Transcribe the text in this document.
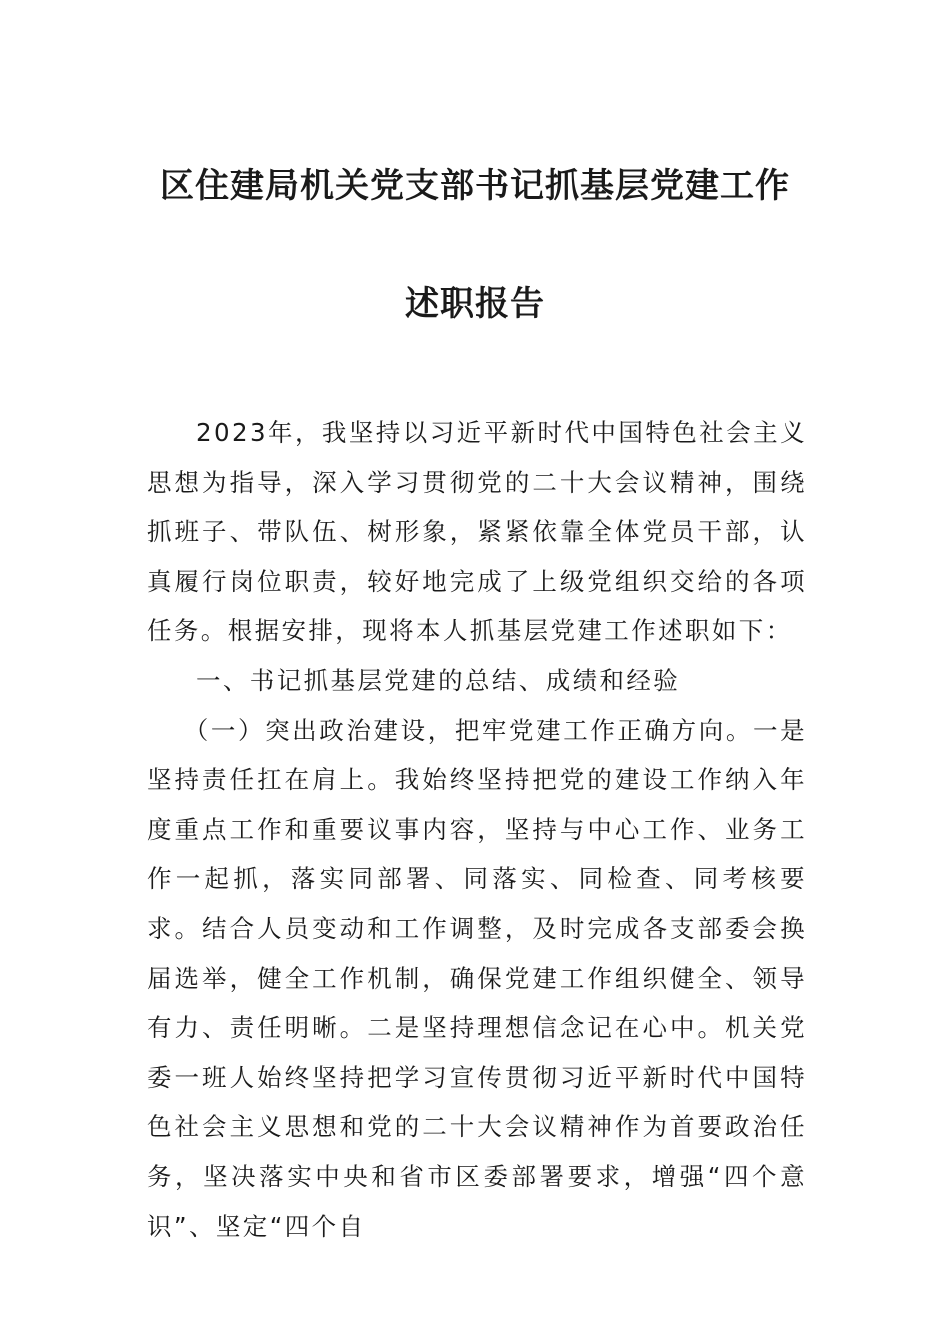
区住建局机关党支部书记抓基层党建工作
述职报告

2023年，我坚持以习近平新时代中国特色社会主义思想为指导，深入学习贯彻党的二十大会议精神，围绕抓班子、带队伍、树形象，紧紧依靠全体党员干部，认真履行岗位职责，较好地完成了上级党组织交给的各项任务。根据安排，现将本人抓基层党建工作述职如下：

一、书记抓基层党建的总结、成绩和经验

（一）突出政治建设，把牢党建工作正确方向。一是坚持责任扛在肩上。我始终坚持把党的建设工作纳入年度重点工作和重要议事内容，坚持与中心工作、业务工作一起抓，落实同部署、同落实、同检查、同考核要求。结合人员变动和工作调整，及时完成各支部委会换届选举，健全工作机制，确保党建工作组织健全、领导有力、责任明晰。二是坚持理想信念记在心中。机关党委一班人始终坚持把学习宣传贯彻习近平新时代中国特色社会主义思想和党的二十大会议精神作为首要政治任务，坚决落实中央和省市区委部署要求，增强“四个意识”、坚定“四个自
